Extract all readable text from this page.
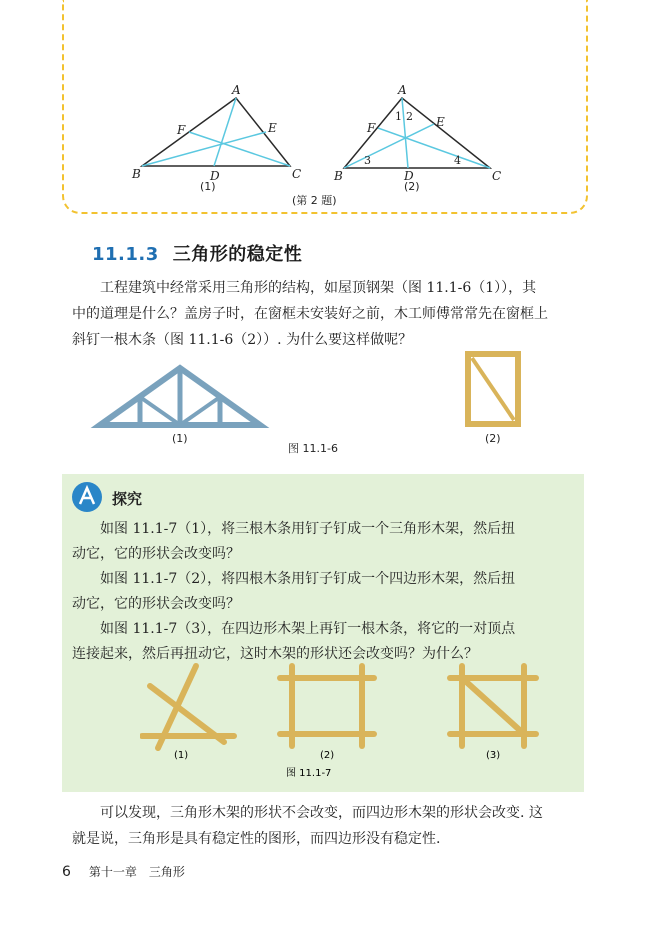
A
B	C
D
E
F
(1)
A
B	C
D
E
F
1 2
3	4
(2)
(第 2 题)
11.1.3 三角形的稳定性
工程建筑中经常采用三角形的结构，如屋顶钢架（图 11.1-6（1）），其
中的道理是什么？盖房子时，在窗框未安装好之前，木工师傅常常先在窗框上
斜钉一根木条（图 11.1-6（2））. 为什么要这样做呢？
(1)	(2)
图 11.1-6
探究
如图 11.1-7（1），将三根木条用钉子钉成一个三角形木架，然后扭
动它，它的形状会改变吗？
如图 11.1-7（2），将四根木条用钉子钉成一个四边形木架，然后扭
动它，它的形状会改变吗？
如图 11.1-7（3），在四边形木架上再钉一根木条，将它的一对顶点
连接起来，然后再扭动它，这时木架的形状还会改变吗？为什么？
(1)	(2)	(3)
图 11.1-7
可以发现，三角形木架的形状不会改变，而四边形木架的形状会改变. 这
就是说，三角形是具有稳定性的图形，而四边形没有稳定性.
6 第十一章　三角形
